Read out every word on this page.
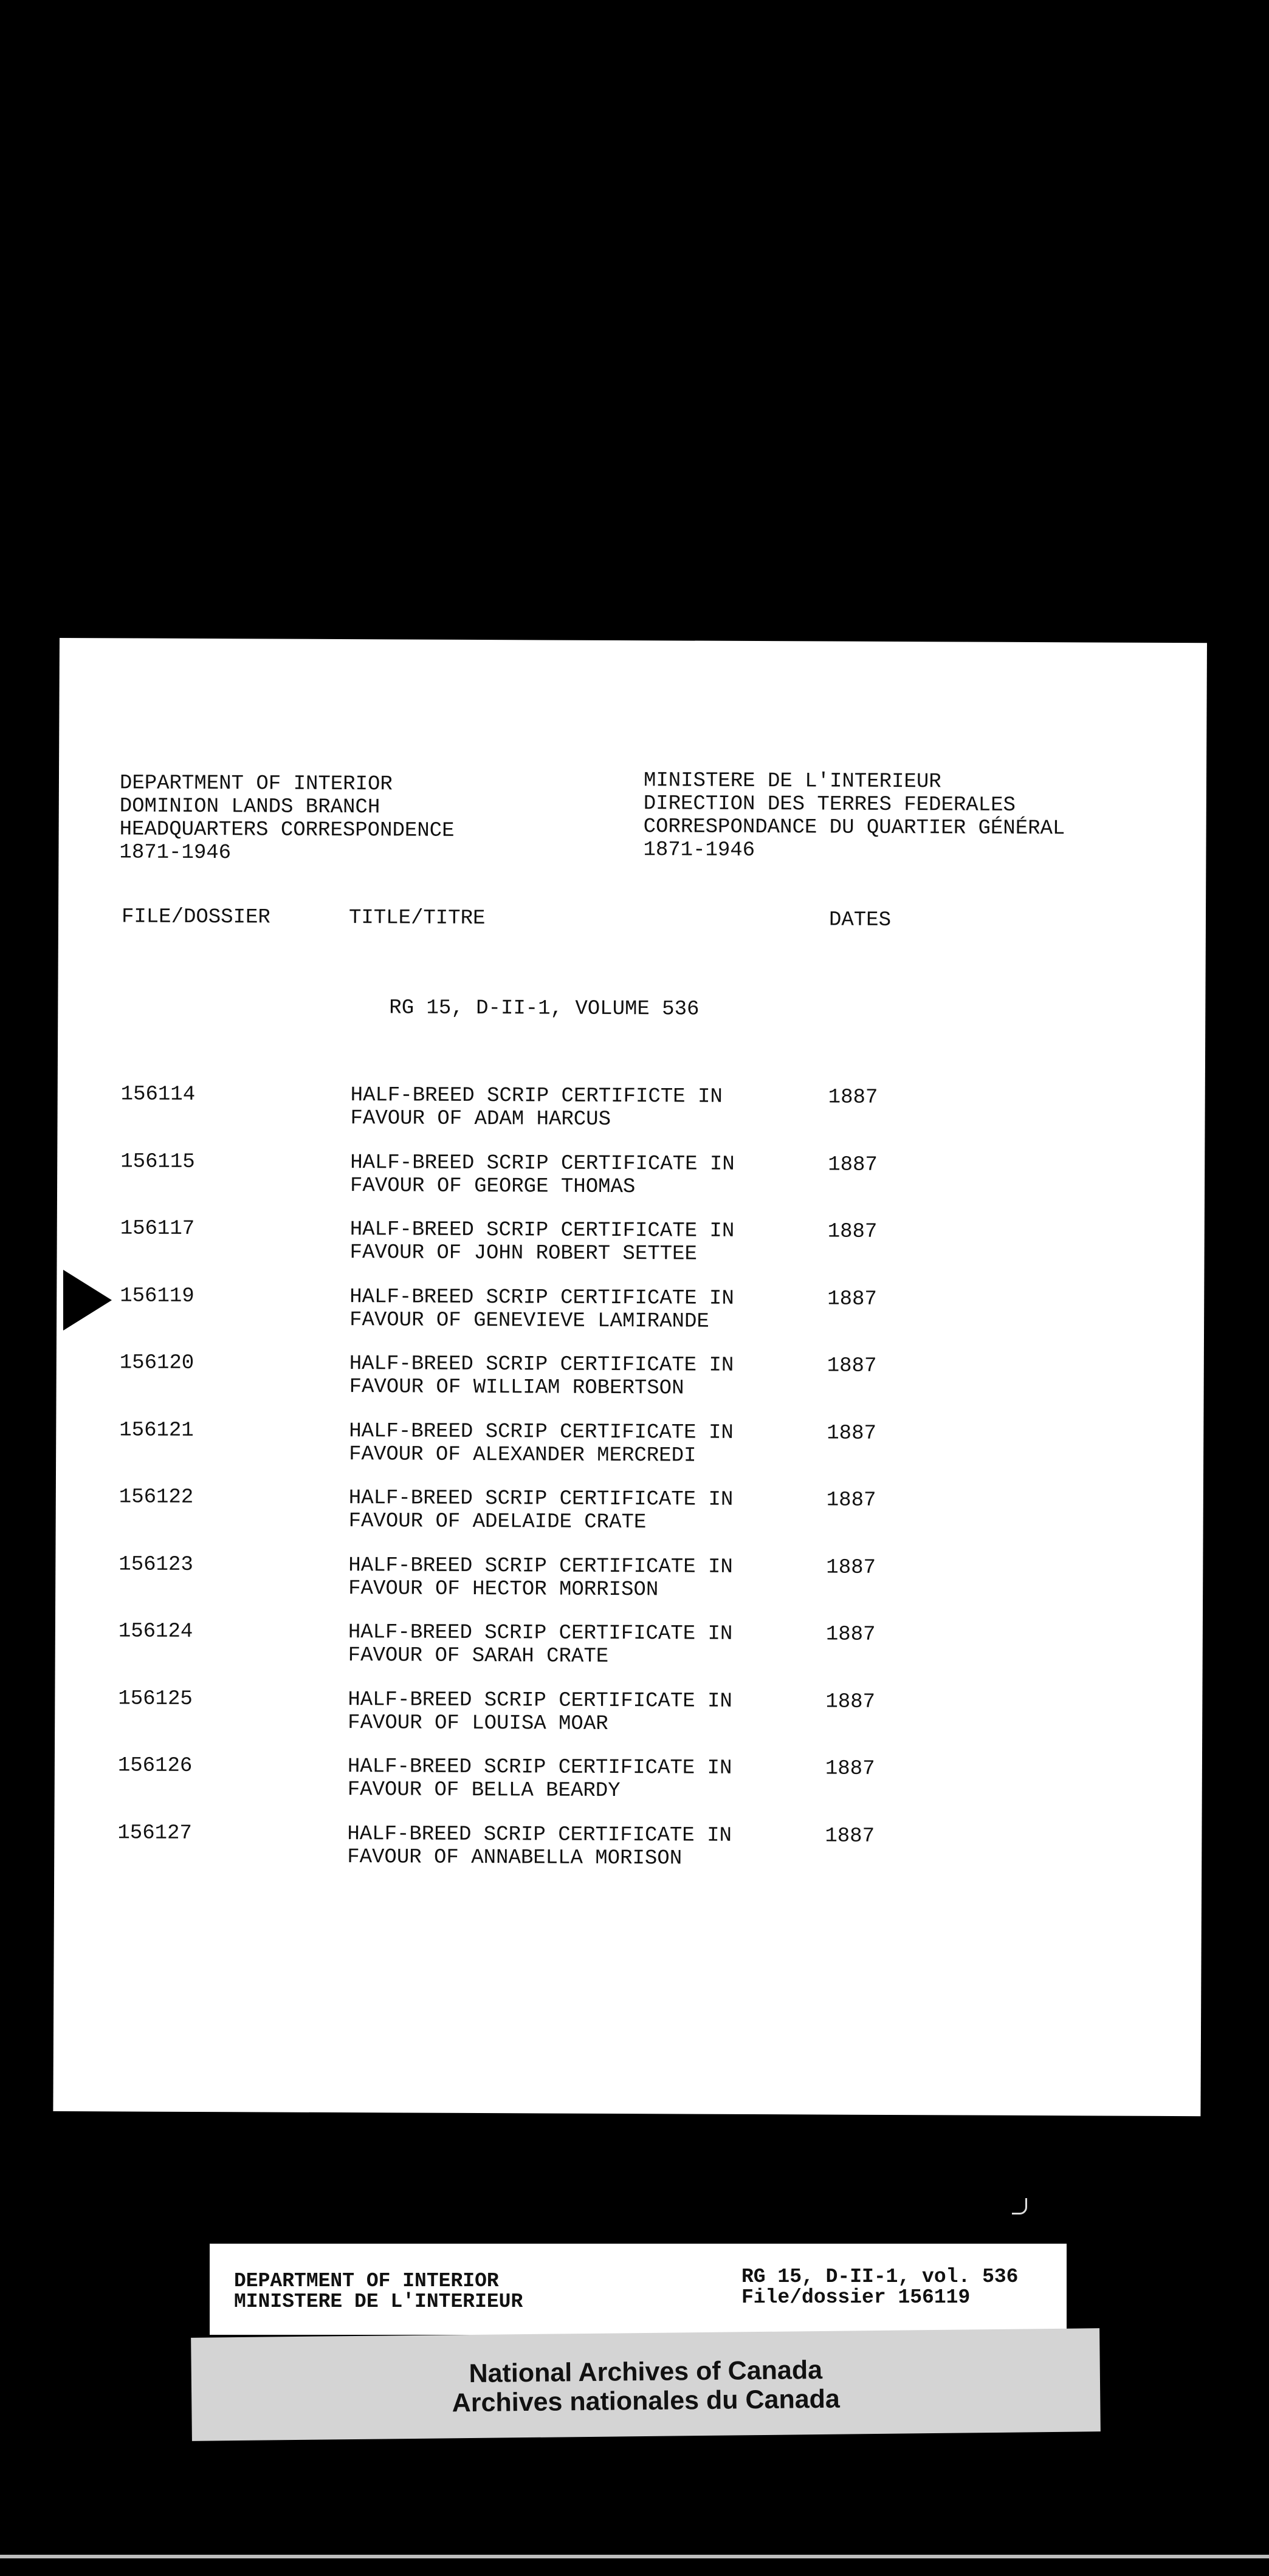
DEPARTMENT OF INTERIOR
DOMINION LANDS BRANCH
HEADQUARTERS CORRESPONDENCE
1871-1946
MINISTERE DE L'INTERIEUR
DIRECTION DES TERRES FEDERALES
CORRESPONDANCE DU QUARTIER GÉNÉRAL
1871-1946
FILE/DOSSIER	TITLE/TITRE	DATES
RG 15, D-II-1, VOLUME 536
156114	HALF-BREED SCRIP CERTIFICTE IN
FAVOUR OF ADAM HARCUS
1887
156115	HALF-BREED SCRIP CERTIFICATE IN
FAVOUR OF GEORGE THOMAS
1887
156117	HALF-BREED SCRIP CERTIFICATE IN
FAVOUR OF JOHN ROBERT SETTEE
1887
156119	HALF-BREED SCRIP CERTIFICATE IN
FAVOUR OF GENEVIEVE LAMIRANDE
1887
156120	HALF-BREED SCRIP CERTIFICATE IN
FAVOUR OF WILLIAM ROBERTSON
1887
156121	HALF-BREED SCRIP CERTIFICATE IN
FAVOUR OF ALEXANDER MERCREDI
1887
156122	HALF-BREED SCRIP CERTIFICATE IN
FAVOUR OF ADELAIDE CRATE
1887
156123	HALF-BREED SCRIP CERTIFICATE IN
FAVOUR OF HECTOR MORRISON
1887
156124	HALF-BREED SCRIP CERTIFICATE IN
FAVOUR OF SARAH CRATE
1887
156125	HALF-BREED SCRIP CERTIFICATE IN
FAVOUR OF LOUISA MOAR
1887
156126	HALF-BREED SCRIP CERTIFICATE IN
FAVOUR OF BELLA BEARDY
1887
156127	HALF-BREED SCRIP CERTIFICATE IN
FAVOUR OF ANNABELLA MORISON
1887
DEPARTMENT OF INTERIOR
MINISTERE DE L'INTERIEUR
RG 15, D-II-1, vol. 536
File/dossier 156119
National Archives of Canada
Archives nationales du Canada
